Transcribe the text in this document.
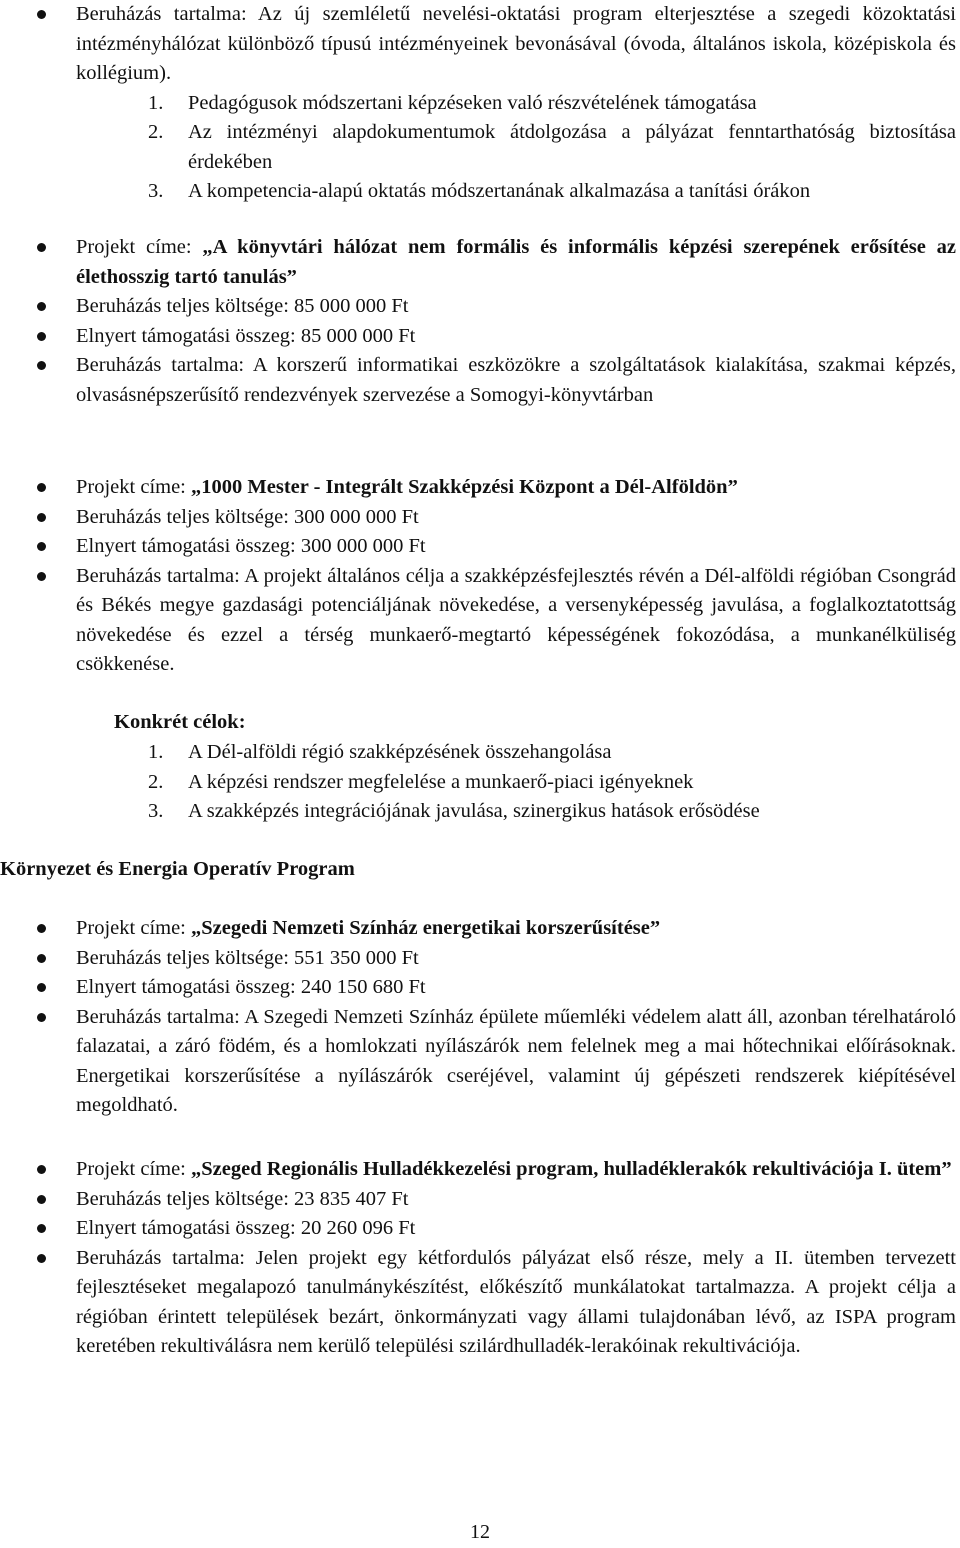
Beruházás tartalma: Az új szemléletű nevelési-oktatási program elterjesztése a szegedi közoktatási intézményhálózat különböző típusú intézményeinek bevonásával (óvoda, általános iskola, középiskola és kollégium).
1. Pedagógusok módszertani képzéseken való részvételének támogatása
2. Az intézményi alapdokumentumok átdolgozása a pályázat fenntarthatóság biztosítása érdekében
3. A kompetencia-alapú oktatás módszertanának alkalmazása a tanítási órákon
Projekt címe: „A könyvtári hálózat nem formális és informális képzési szerepének erősítése az élethosszig tartó tanulás”
Beruházás teljes költsége: 85 000 000 Ft
Elnyert támogatási összeg: 85 000 000 Ft
Beruházás tartalma: A korszerű informatikai eszközökre a szolgáltatások kialakítása, szakmai képzés, olvasásnépszerűsítő rendezvények szervezése a Somogyi-könyvtárban
Projekt címe: „1000 Mester - Integrált Szakképzési Központ a Dél-Alföldön”
Beruházás teljes költsége: 300 000 000 Ft
Elnyert támogatási összeg: 300 000 000 Ft
Beruházás tartalma: A projekt általános célja a szakképzésfejlesztés révén a Dél-alföldi régióban Csongrád és Békés megye gazdasági potenciáljának növekedése, a versenyképesség javulása, a foglalkoztatottság növekedése és ezzel a térség munkaerő-megtartó képességének fokozódása, a munkanélküliség csökkenése.
Konkrét célok:
1. A Dél-alföldi régió szakképzésének összehangolása
2. A képzési rendszer megfelelése a munkaerő-piaci igényeknek
3. A szakképzés integrációjának javulása, szinergikus hatások erősödése
Környezet és Energia Operatív Program
Projekt címe: „Szegedi Nemzeti Színház energetikai korszerűsítése”
Beruházás teljes költsége: 551 350 000 Ft
Elnyert támogatási összeg: 240 150 680 Ft
Beruházás tartalma: A Szegedi Nemzeti Színház épülete műemléki védelem alatt áll, azonban térelhatároló falazatai, a záró födém, és a homlokzati nyílászárók nem felelnek meg a mai hőtechnikai előírásoknak. Energetikai korszerűsítése a nyílászárók cseréjével, valamint új gépészeti rendszerek kiépítésével megoldható.
Projekt címe: „Szeged Regionális Hulladékkezelési program, hulladéklerakók rekultivációja I. ütem”
Beruházás teljes költsége: 23 835 407 Ft
Elnyert támogatási összeg: 20 260 096 Ft
Beruházás tartalma: Jelen projekt egy kétfordulós pályázat első része, mely a II. ütemben tervezett fejlesztéseket megalapozó tanulmánykészítést, előkészítő munkálatokat tartalmazza. A projekt célja a régióban érintett települések bezárt, önkormányzati vagy állami tulajdonában lévő, az ISPA program keretében rekultiválásra nem kerülő települési szilárdhulladék-lerakóinak rekultivációja.
12
